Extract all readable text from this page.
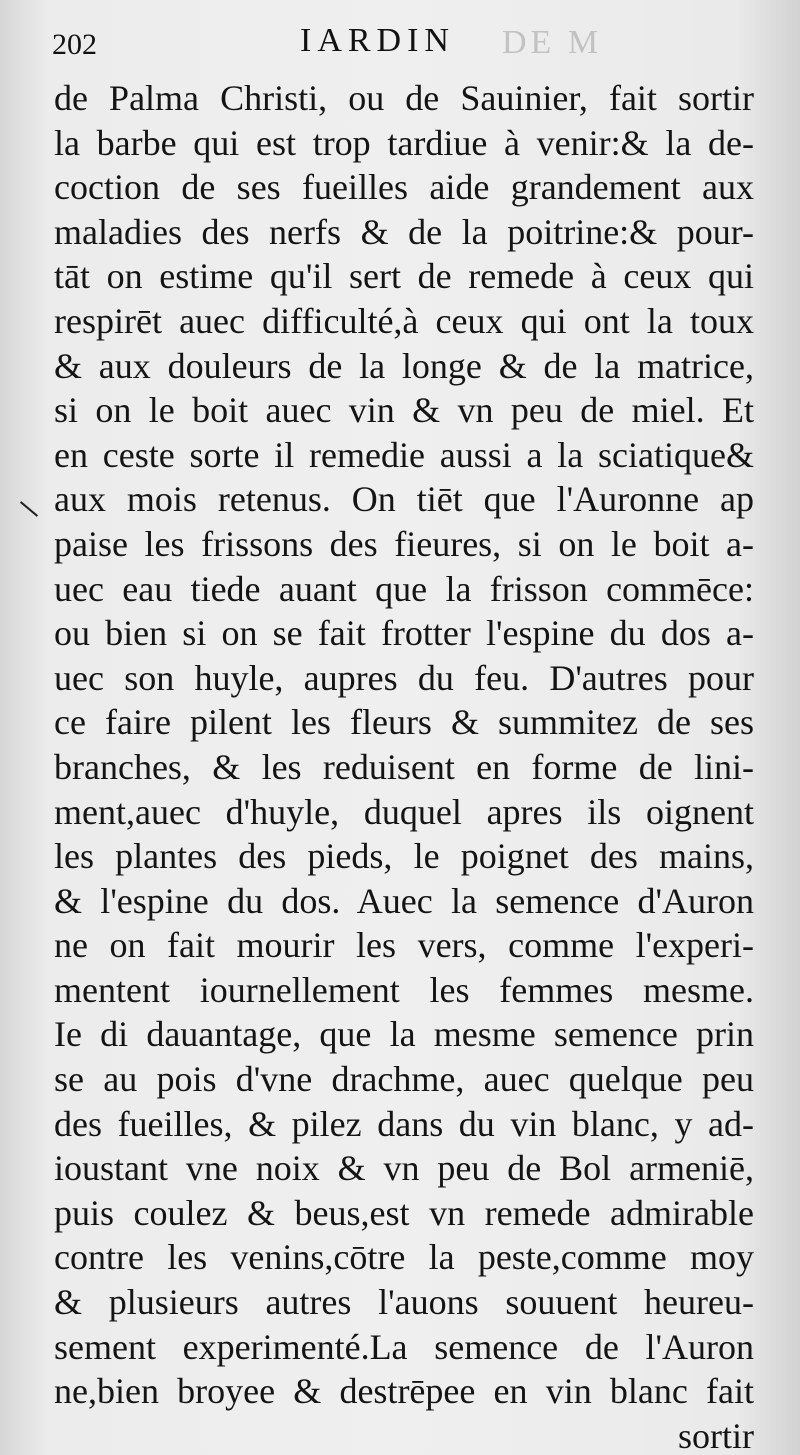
202	IARDIN DE M
de Palma Christi, ou de Sauinier, fait sortir
la barbe qui est trop tardiue à venir:& la de-
coction de ses fueilles aide grandement aux
maladies des nerfs & de la poitrine:& pour-
tāt on estime qu'il sert de remede à ceux qui
respirēt auec difficulté,à ceux qui ont la toux
& aux douleurs de la longe & de la matrice,
si on le boit auec vin & vn peu de miel. Et
en ceste sorte il remedie aussi a la sciatique&
aux mois retenus. On tiēt que l'Auronne ap
paise les frissons des fieures, si on le boit a-
uec eau tiede auant que la frisson commēce:
ou bien si on se fait frotter l'espine du dos a-
uec son huyle, aupres du feu. D'autres pour
ce faire pilent les fleurs & summitez de ses
branches, & les reduisent en forme de lini-
ment,auec d'huyle, duquel apres ils oignent
les plantes des pieds, le poignet des mains,
& l'espine du dos. Auec la semence d'Auron
ne on fait mourir les vers, comme l'experi-
mentent iournellement les femmes mesme.
Ie di dauantage, que la mesme semence prin
se au pois d'vne drachme, auec quelque peu
des fueilles, & pilez dans du vin blanc, y ad-
ioustant vne noix & vn peu de Bol armeniē,
puis coulez & beus,est vn remede admirable
contre les venins,cōtre la peste,comme moy
& plusieurs autres l'auons souuent heureu-
sement experimenté.La semence de l'Auron
ne,bien broyee & destrēpee en vin blanc fait
sortir
